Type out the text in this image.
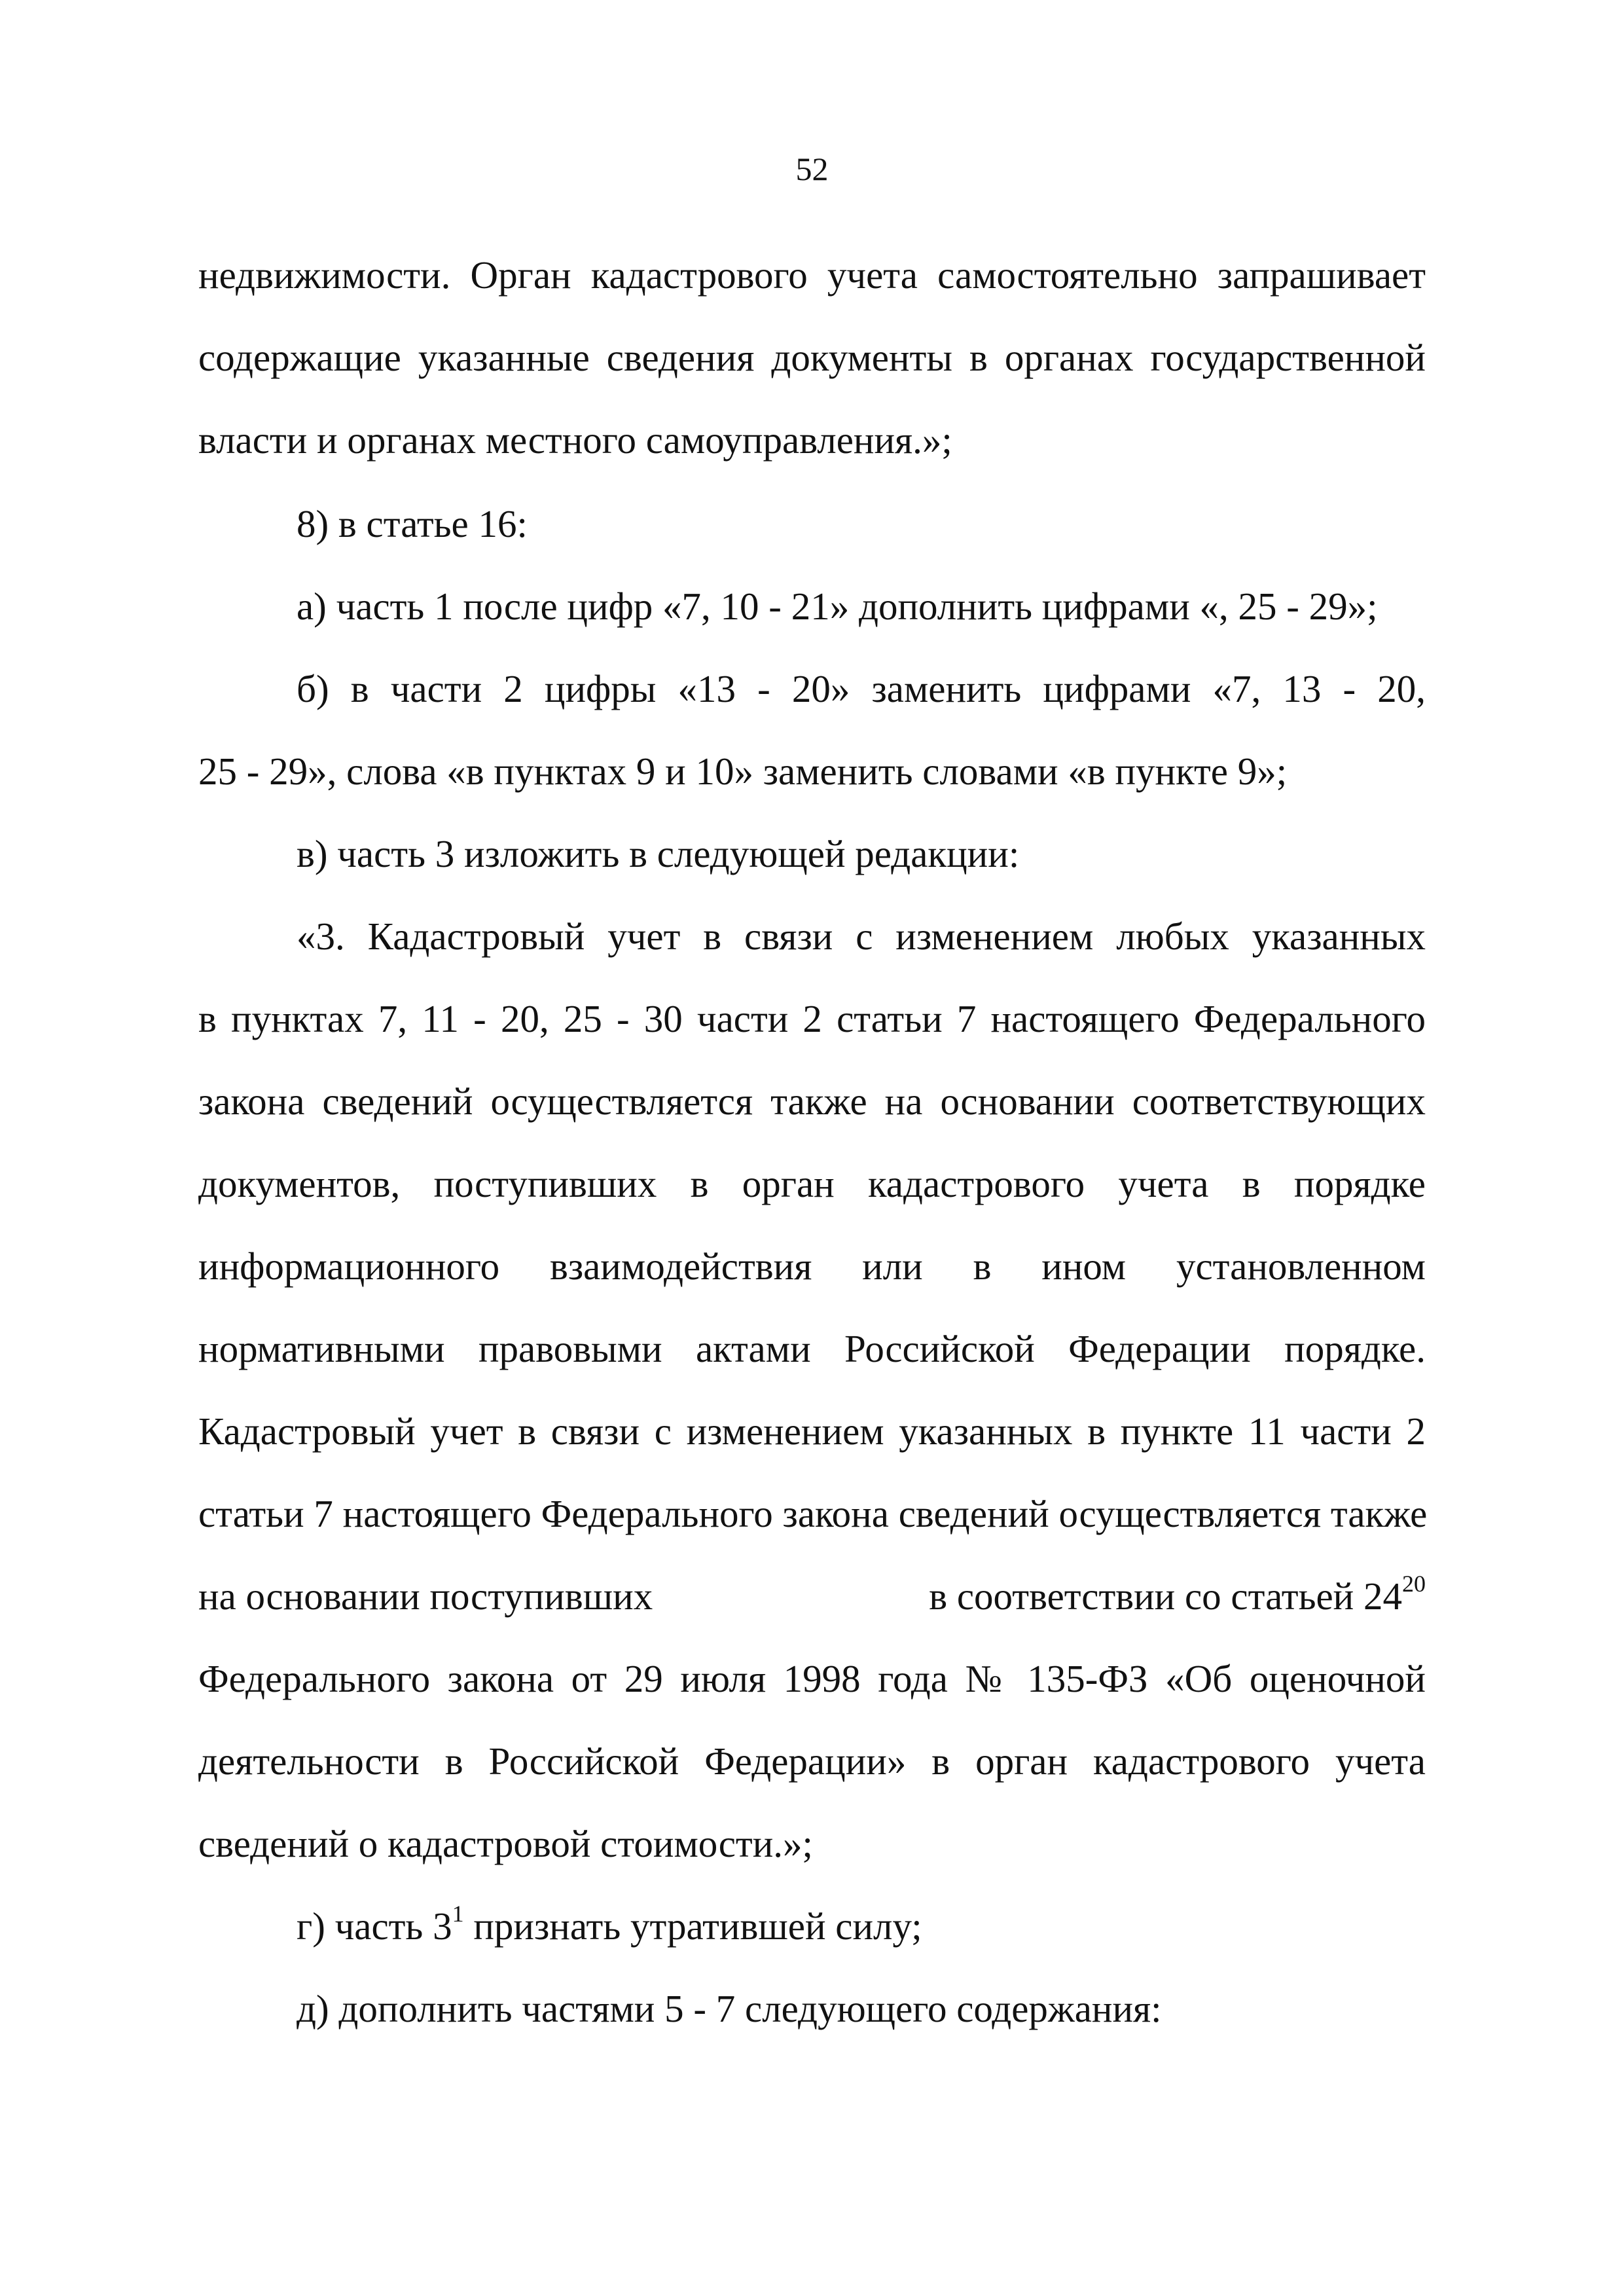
52
недвижимости. Орган кадастрового учета самостоятельно запрашивает
содержащие указанные сведения документы в органах государственной
власти и органах местного самоуправления.»;
8) в статье 16:
а) часть 1 после цифр «7, 10 - 21» дополнить цифрами «, 25 - 29»;
б) в части 2 цифры «13 - 20» заменить цифрами «7, 13 - 20,
25 - 29», слова «в пунктах 9 и 10» заменить словами «в пункте 9»;
в) часть 3 изложить в следующей редакции:
«3. Кадастровый учет в связи с изменением любых указанных
в пунктах 7, 11 - 20, 25 - 30 части 2 статьи 7 настоящего Федерального
закона сведений осуществляется также на основании соответствующих
документов, поступивших в орган кадастрового учета в порядке
информационного взаимодействия или в ином установленном
нормативными правовыми актами Российской Федерации порядке.
Кадастровый учет в связи с изменением указанных в пункте 11 части 2
статьи 7 настоящего Федерального закона сведений осуществляется также
на основании поступивших	в соответствии со статьей $24^{20}$
Федерального закона от 29 июля 1998 года № 135-ФЗ «Об оценочной
деятельности в Российской Федерации» в орган кадастрового учета
сведений о кадастровой стоимости.»;
г) часть $3^1$ признать утратившей силу;
д) дополнить частями 5 - 7 следующего содержания:
